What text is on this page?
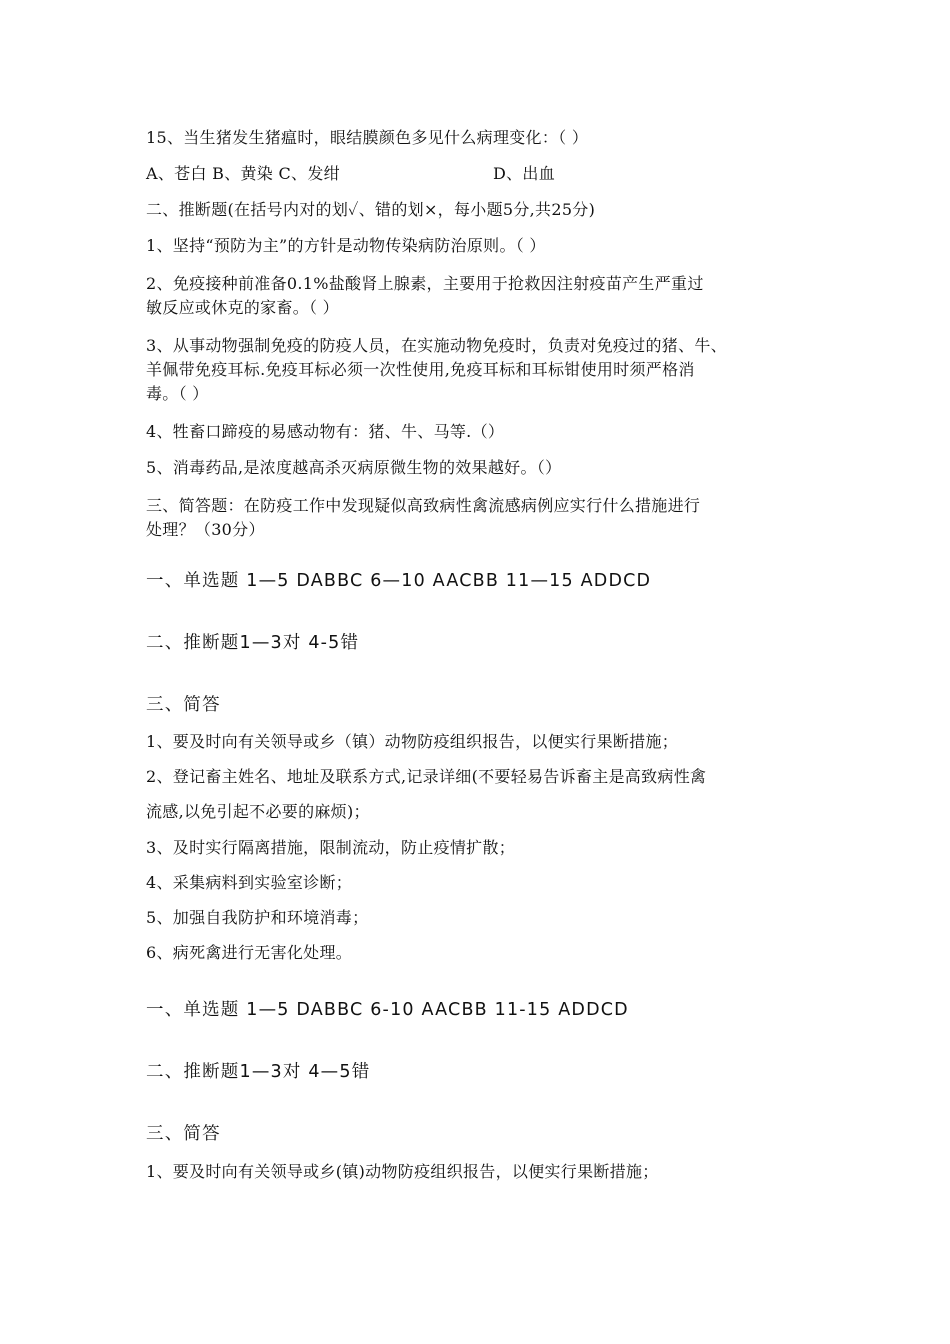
15、当生猪发生猪瘟时，眼结膜颜色多见什么病理变化：（ ）
A、苍白 B、黄染 C、发绀	D、出血
二、推断题(在括号内对的划✓、错的划×，每小题5分,共25分)
1、坚持“预防为主”的方针是动物传染病防治原则。（ ）
2、免疫接种前准备0.1%盐酸肾上腺素，主要用于抢救因注射疫苗产生严重过
敏反应或休克的家畜。（ ）
3、从事动物强制免疫的防疫人员，在实施动物免疫时，负责对免疫过的猪、牛、
羊佩带免疫耳标.免疫耳标必须一次性使用,免疫耳标和耳标钳使用时须严格消
毒。（ ）
4、牲畜口蹄疫的易感动物有：猪、牛、马等.（）
5、消毒药品,是浓度越高杀灭病原微生物的效果越好。（）
三、简答题：在防疫工作中发现疑似高致病性禽流感病例应实行什么措施进行
处理？（30分）
一、单选题 1—5 DABBC 6—10 AACBB 11—15 ADDCD
二、推断题1—3对 4-5错
三、简答
1、要及时向有关领导或乡（镇）动物防疫组织报告，以便实行果断措施；
2、登记畜主姓名、地址及联系方式,记录详细(不要轻易告诉畜主是高致病性禽
流感,以免引起不必要的麻烦)；
3、及时实行隔离措施，限制流动，防止疫情扩散；
4、采集病料到实验室诊断；
5、加强自我防护和环境消毒；
6、病死禽进行无害化处理。
一、单选题 1—5 DABBC 6-10 AACBB 11-15 ADDCD
二、推断题1—3对 4—5错
三、简答
1、要及时向有关领导或乡(镇)动物防疫组织报告，以便实行果断措施；
